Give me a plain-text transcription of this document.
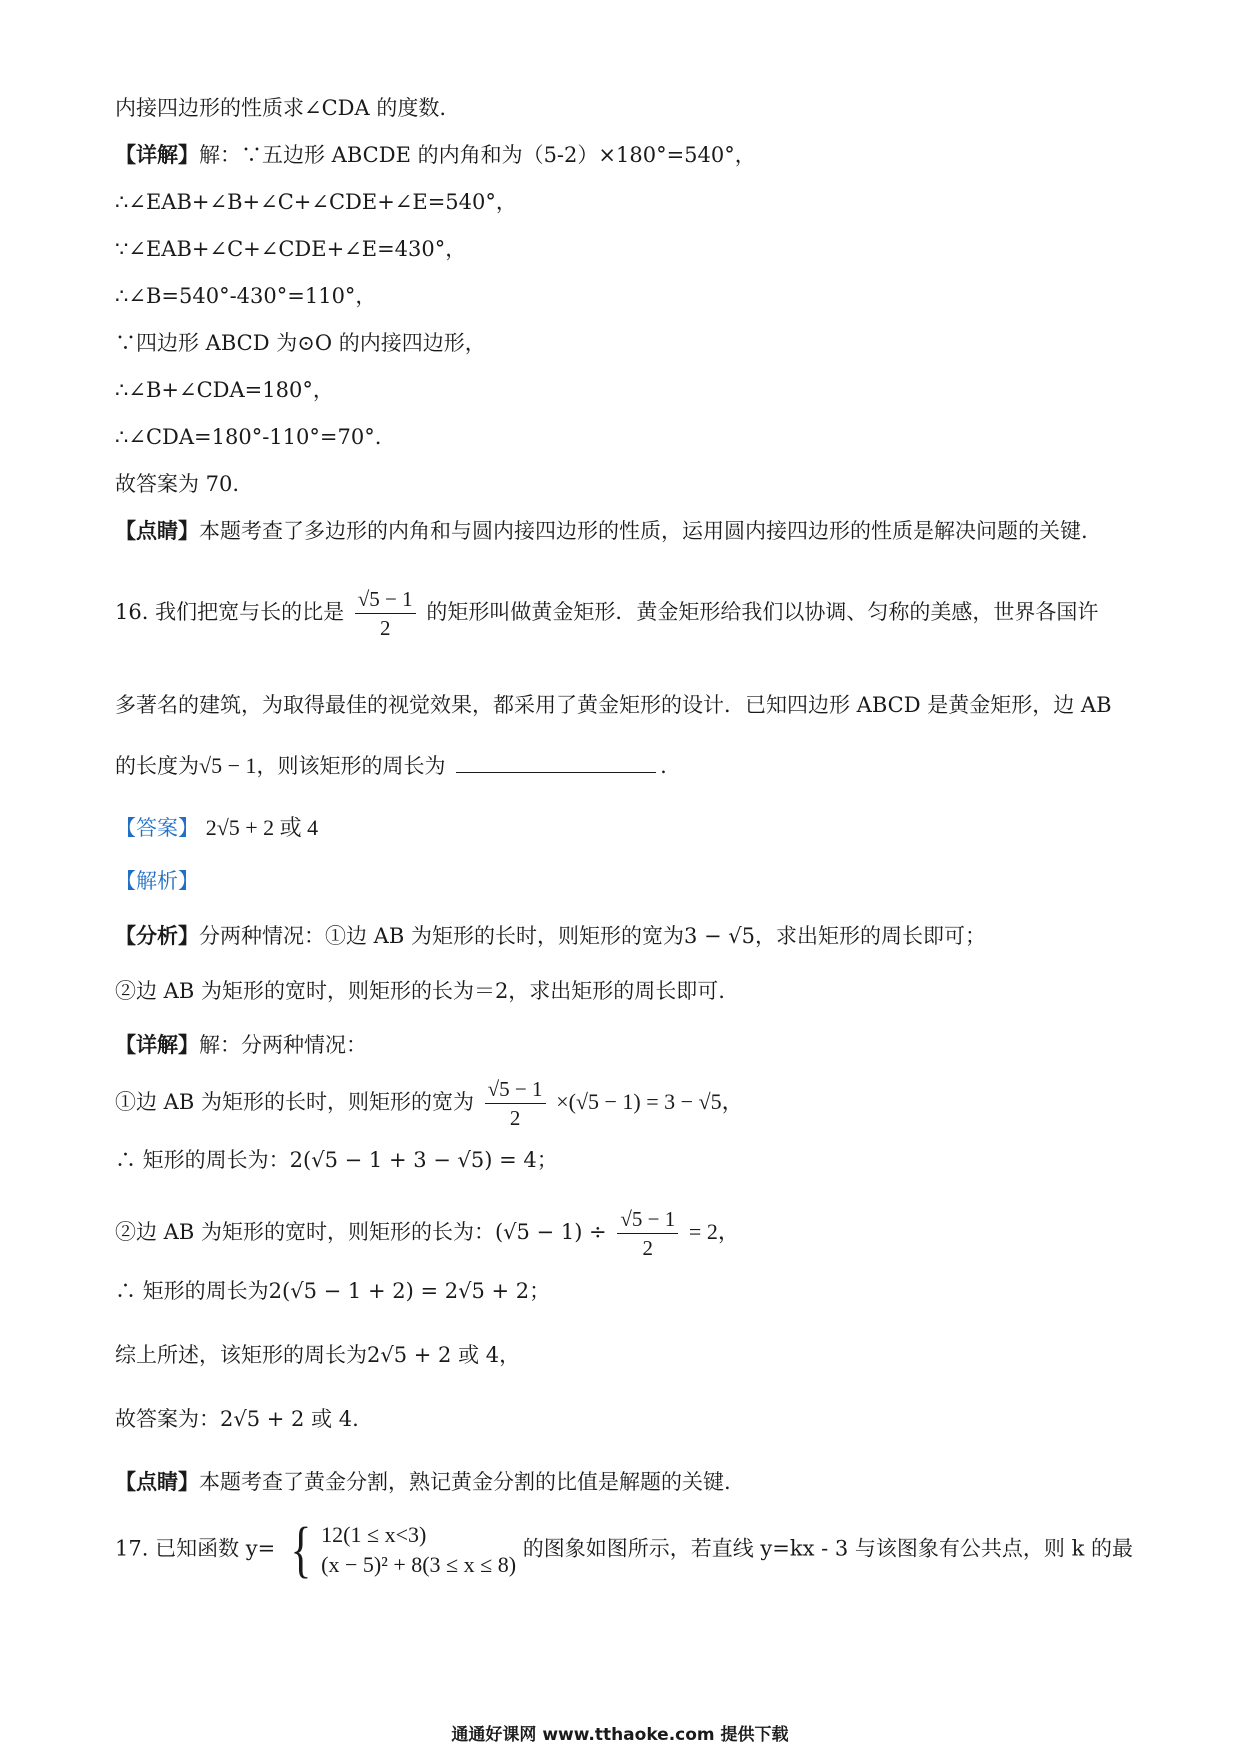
内接四边形的性质求∠CDA 的度数.
【详解】解：∵五边形 ABCDE 的内角和为（5-2）×180°=540°，
∴∠EAB+∠B+∠C+∠CDE+∠E=540°，
∵∠EAB+∠C+∠CDE+∠E=430°，
∴∠B=540°-430°=110°，
∵四边形 ABCD 为⊙O 的内接四边形，
∴∠B+∠CDA=180°，
∴∠CDA=180°-110°=70°.
故答案为 70.
【点睛】本题考查了多边形的内角和与圆内接四边形的性质，运用圆内接四边形的性质是解决问题的关键.
16. 我们把宽与长的比是 $\frac{√5 - 1}{2}$ 的矩形叫做黄金矩形．黄金矩形给我们以协调、匀称的美感，世界各国许
多著名的建筑，为取得最佳的视觉效果，都采用了黄金矩形的设计．已知四边形 ABCD 是黄金矩形，边 AB
的长度为√5 − 1，则该矩形的周长为	.
【答案】 2√5 + 2 或 4
【解析】
【分析】分两种情况：①边 AB 为矩形的长时，则矩形的宽为3 − √5，求出矩形的周长即可；
②边 AB 为矩形的宽时，则矩形的长为＝2，求出矩形的周长即可.
【详解】解：分两种情况：
①边 AB 为矩形的长时，则矩形的宽为 $\frac{√5 - 1}{2} \times(√5 - 1) = 3 - √5$，
∴ 矩形的周长为：2(√5 − 1 + 3 − √5) = 4；
②边 AB 为矩形的宽时，则矩形的长为：$(√5 - 1) \div \frac{√5 - 1}{2} = 2$，
∴ 矩形的周长为2(√5 − 1 + 2) = 2√5 + 2；
综上所述，该矩形的周长为2√5 + 2 或 4，
故答案为：2√5 + 2 或 4.
【点睛】本题考查了黄金分割，熟记黄金分割的比值是解题的关键.
17. 已知函数 y= { 12(1 ≤ x<3)
(x − 5)² + 8(3 ≤ x ≤ 8)
的图象如图所示，若直线 y=kx - 3 与该图象有公共点，则 k 的最
通通好课网 www.tthaoke.com 提供下载
